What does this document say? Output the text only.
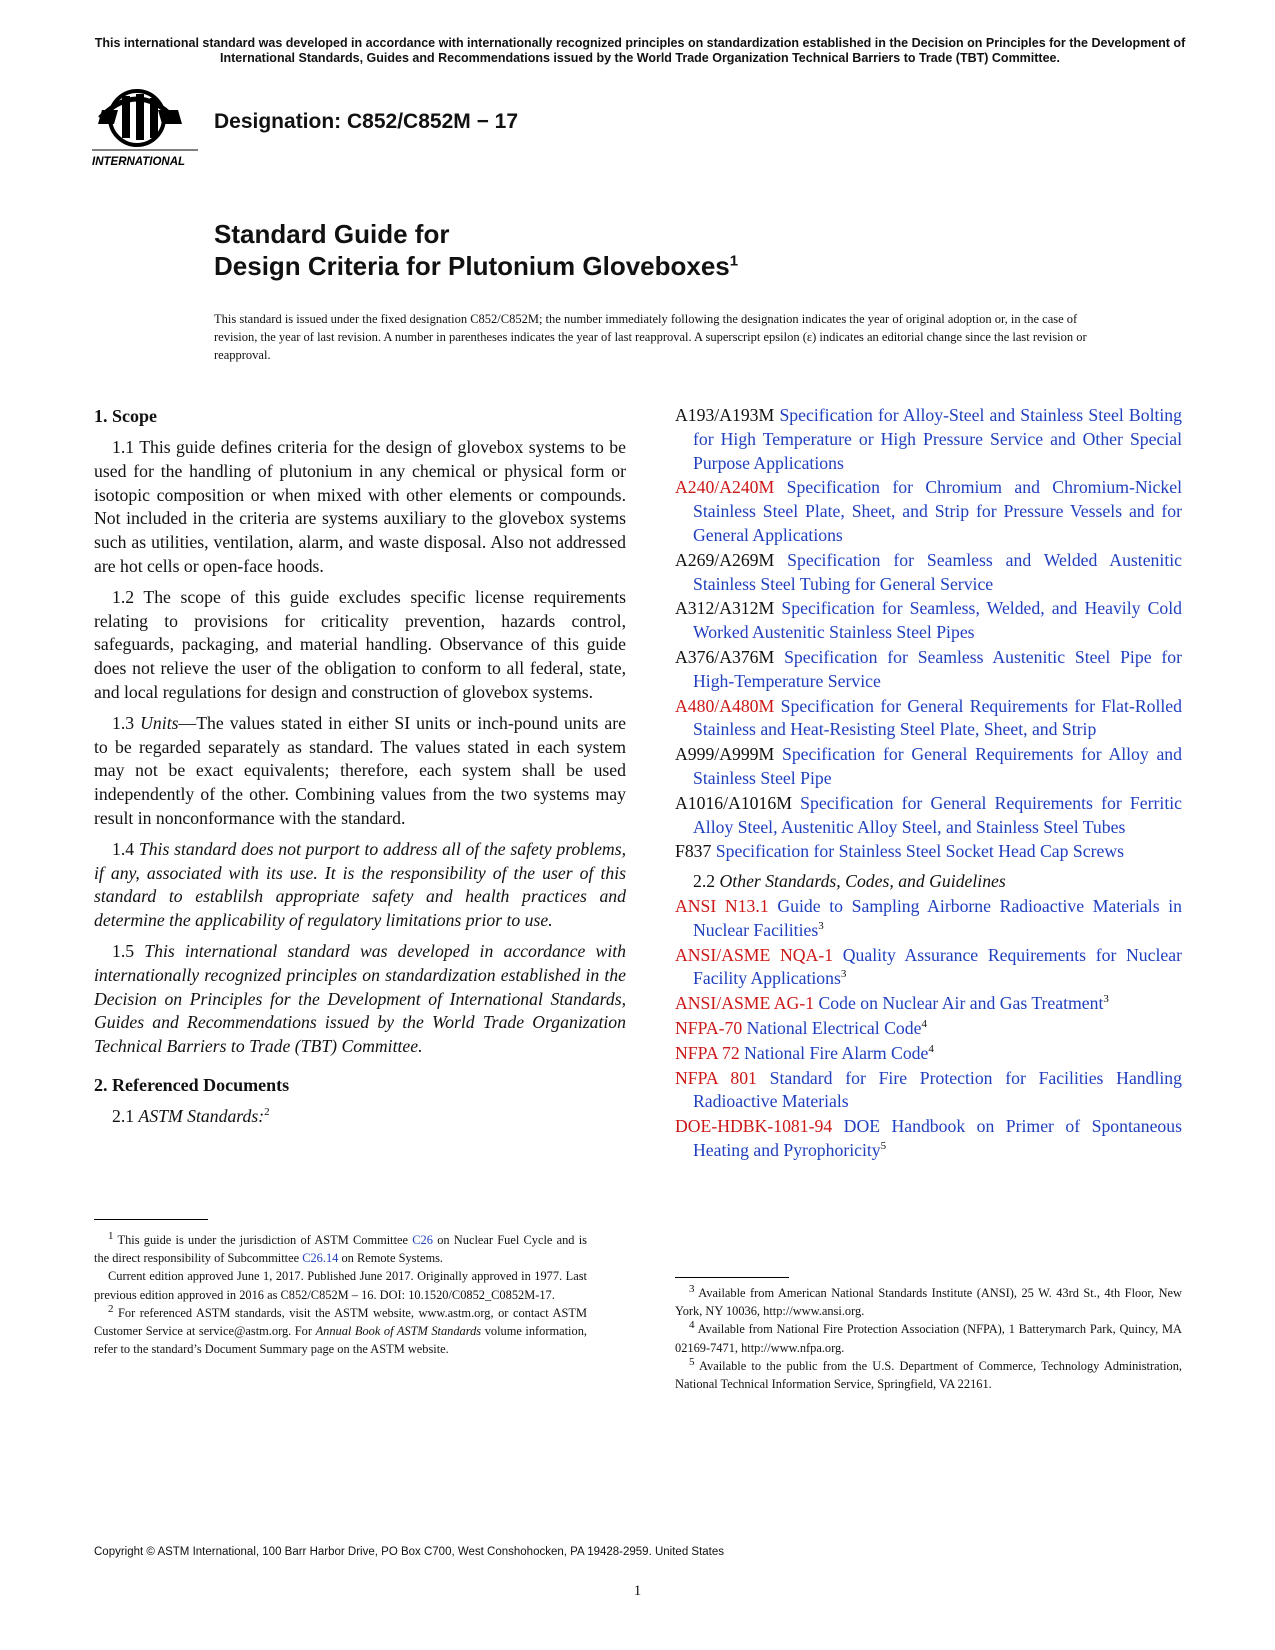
This international standard was developed in accordance with internationally recognized principles on standardization established in the Decision on Principles for the Development of International Standards, Guides and Recommendations issued by the World Trade Organization Technical Barriers to Trade (TBT) Committee.
INTERNATIONAL
Designation: C852/C852M − 17
Standard Guide for
Design Criteria for Plutonium Gloveboxes$^1$
This standard is issued under the fixed designation C852/C852M; the number immediately following the designation indicates the year of original adoption or, in the case of revision, the year of last revision. A number in parentheses indicates the year of last reapproval. A superscript epsilon (ε) indicates an editorial change since the last revision or reapproval.
1. Scope

1.1 This guide defines criteria for the design of glovebox systems to be used for the handling of plutonium in any chemical or physical form or isotopic composition or when mixed with other elements or compounds. Not included in the criteria are systems auxiliary to the glovebox systems such as utilities, ventilation, alarm, and waste disposal. Also not addressed are hot cells or open-face hoods.

1.2 The scope of this guide excludes specific license requirements relating to provisions for criticality prevention, hazards control, safeguards, packaging, and material handling. Observance of this guide does not relieve the user of the obligation to conform to all federal, state, and local regulations for design and construction of glovebox systems.

1.3 Units—The values stated in either SI units or inch-pound units are to be regarded separately as standard. The values stated in each system may not be exact equivalents; therefore, each system shall be used independently of the other. Combining values from the two systems may result in nonconformance with the standard.

1.4 This standard does not purport to address all of the safety problems, if any, associated with its use. It is the responsibility of the user of this standard to establilsh appropriate safety and health practices and determine the applicability of regulatory limitations prior to use.

1.5 This international standard was developed in accordance with internationally recognized principles on standardization established in the Decision on Principles for the Development of International Standards, Guides and Recommendations issued by the World Trade Organization Technical Barriers to Trade (TBT) Committee.

2. Referenced Documents

2.1 ASTM Standards:$^2$

A193/A193M Specification for Alloy-Steel and Stainless Steel Bolting for High Temperature or High Pressure Service and Other Special Purpose Applications
A240/A240M Specification for Chromium and Chromium-Nickel Stainless Steel Plate, Sheet, and Strip for Pressure Vessels and for General Applications
A269/A269M Specification for Seamless and Welded Austenitic Stainless Steel Tubing for General Service
A312/A312M Specification for Seamless, Welded, and Heavily Cold Worked Austenitic Stainless Steel Pipes
A376/A376M Specification for Seamless Austenitic Steel Pipe for High-Temperature Service
A480/A480M Specification for General Requirements for Flat-Rolled Stainless and Heat-Resisting Steel Plate, Sheet, and Strip
A999/A999M Specification for General Requirements for Alloy and Stainless Steel Pipe
A1016/A1016M Specification for General Requirements for Ferritic Alloy Steel, Austenitic Alloy Steel, and Stainless Steel Tubes
F837 Specification for Stainless Steel Socket Head Cap Screws

2.2 Other Standards, Codes, and Guidelines

ANSI N13.1 Guide to Sampling Airborne Radioactive Materials in Nuclear Facilities$^3$
ANSI/ASME NQA-1 Quality Assurance Requirements for Nuclear Facility Applications$^3$
ANSI/ASME AG-1 Code on Nuclear Air and Gas Treatment$^3$
NFPA-70 National Electrical Code$^4$
NFPA 72 National Fire Alarm Code$^4$
NFPA 801 Standard for Fire Protection for Facilities Handling Radioactive Materials
DOE-HDBK-1081-94 DOE Handbook on Primer of Spontaneous Heating and Pyrophoricity$^5$
$^1$ This guide is under the jurisdiction of ASTM Committee C26 on Nuclear Fuel Cycle and is the direct responsibility of Subcommittee C26.14 on Remote Systems.
Current edition approved June 1, 2017. Published June 2017. Originally approved in 1977. Last previous edition approved in 2016 as C852/C852M – 16. DOI: 10.1520/C0852_C0852M-17.
$^2$ For referenced ASTM standards, visit the ASTM website, www.astm.org, or contact ASTM Customer Service at service@astm.org. For Annual Book of ASTM Standards volume information, refer to the standard’s Document Summary page on the ASTM website.
$^3$ Available from American National Standards Institute (ANSI), 25 W. 43rd St., 4th Floor, New York, NY 10036, http://www.ansi.org.
$^4$ Available from National Fire Protection Association (NFPA), 1 Batterymarch Park, Quincy, MA 02169-7471, http://www.nfpa.org.
$^5$ Available to the public from the U.S. Department of Commerce, Technology Administration, National Technical Information Service, Springfield, VA 22161.
Copyright © ASTM International, 100 Barr Harbor Drive, PO Box C700, West Conshohocken, PA 19428-2959. United States
1
